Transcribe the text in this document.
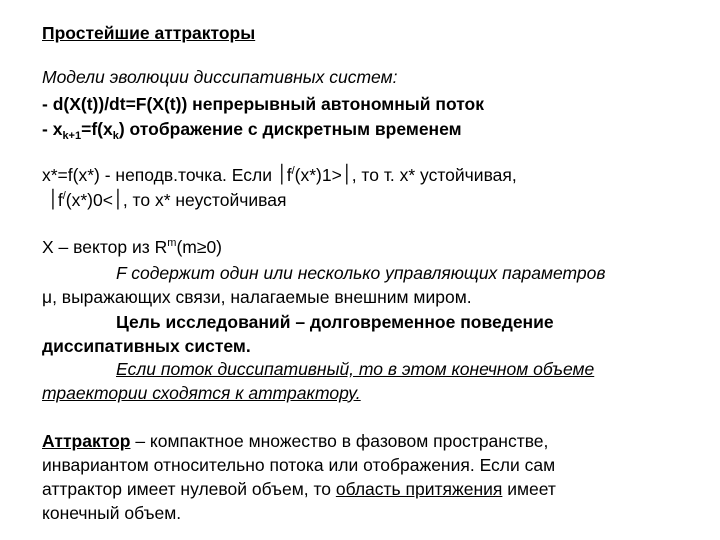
Простейшие аттракторы
Модели эволюции диссипативных систем:
- d(X(t))/dt=F(X(t)) непрерывный автономный поток
- $x_{k+1}=f(x_k)$ отображение с дискретным временем
x*=f(x*) - неподв.точка. Если ׀f/(x*)׀<1, то т. x* устойчивая,
׀f/(x*)׀>0, то x* неустойчивая
X – вектор из $R^m(m\ge 0)$
F содержит один или несколько управляющих параметров
μ, выражающих связи, налагаемые внешним миром.
Цель исследований – долговременное поведение
диссипативных систем.
Если поток диссипативный, то в этом конечном объеме
траектории сходятся к аттрактору.
Аттрактор – компактное множество в фазовом пространстве,
инвариантом относительно потока или отображения. Если сам
аттрактор имеет нулевой объем, то область притяжения имеет
конечный объем.
